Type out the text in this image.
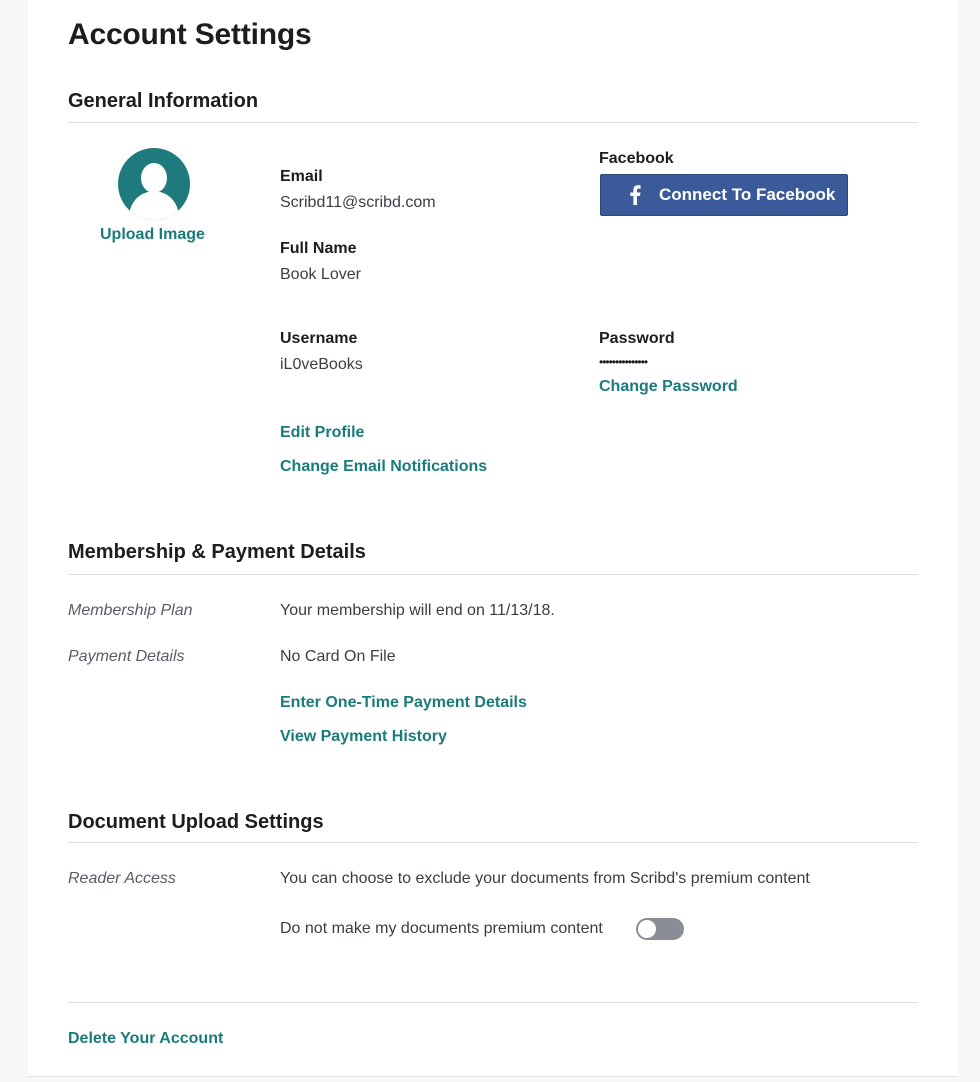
Account Settings
General Information
Upload Image
Email
Scribd11@scribd.com
Full Name
Book Lover
Facebook
Connect To Facebook
Username
iL0veBooks
Password
•••••••••••••••
Change Password
Edit Profile
Change Email Notifications
Membership & Payment Details
Membership Plan	Your membership will end on 11/13/18.
Payment Details	No Card On File
Enter One-Time Payment Details
View Payment History
Document Upload Settings
Reader Access	You can choose to exclude your documents from Scribd's premium content
Do not make my documents premium content
Delete Your Account
